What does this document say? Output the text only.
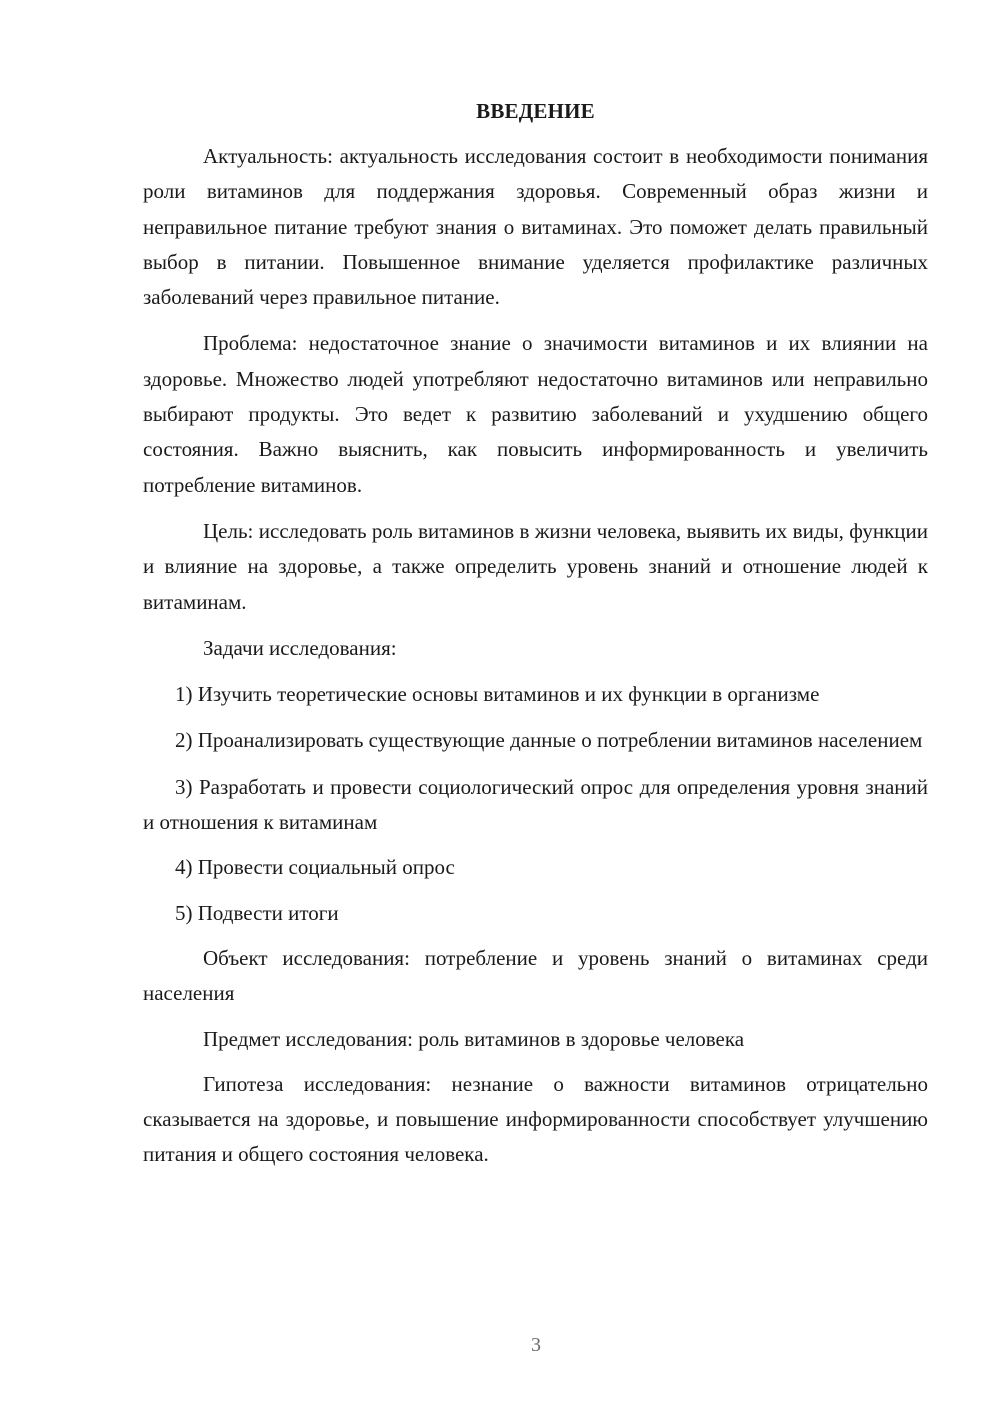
ВВЕДЕНИЕ

Актуальность: актуальность исследования состоит в необходимости понимания роли витаминов для поддержания здоровья. Современный образ жизни и неправильное питание требуют знания о витаминах. Это поможет делать правильный выбор в питании. Повышенное внимание уделяется профилактике различных заболеваний через правильное питание.

Проблема: недостаточное знание о значимости витаминов и их влиянии на здоровье. Множество людей употребляют недостаточно витаминов или неправильно выбирают продукты. Это ведет к развитию заболеваний и ухудшению общего состояния. Важно выяснить, как повысить информированность и увеличить потребление витаминов.

Цель: исследовать роль витаминов в жизни человека, выявить их виды, функции и влияние на здоровье, а также определить уровень знаний и отношение людей к витаминам.

Задачи исследования:

1) Изучить теоретические основы витаминов и их функции в организме

2) Проанализировать существующие данные о потреблении витаминов населением

3) Разработать и провести социологический опрос для определения уровня знаний и отношения к витаминам

4) Провести социальный опрос

5) Подвести итоги

Объект исследования: потребление и уровень знаний о витаминах среди населения

Предмет исследования: роль витаминов в здоровье человека

Гипотеза исследования: незнание о важности витаминов отрицательно сказывается на здоровье, и повышение информированности способствует улучшению питания и общего состояния человека.

3
